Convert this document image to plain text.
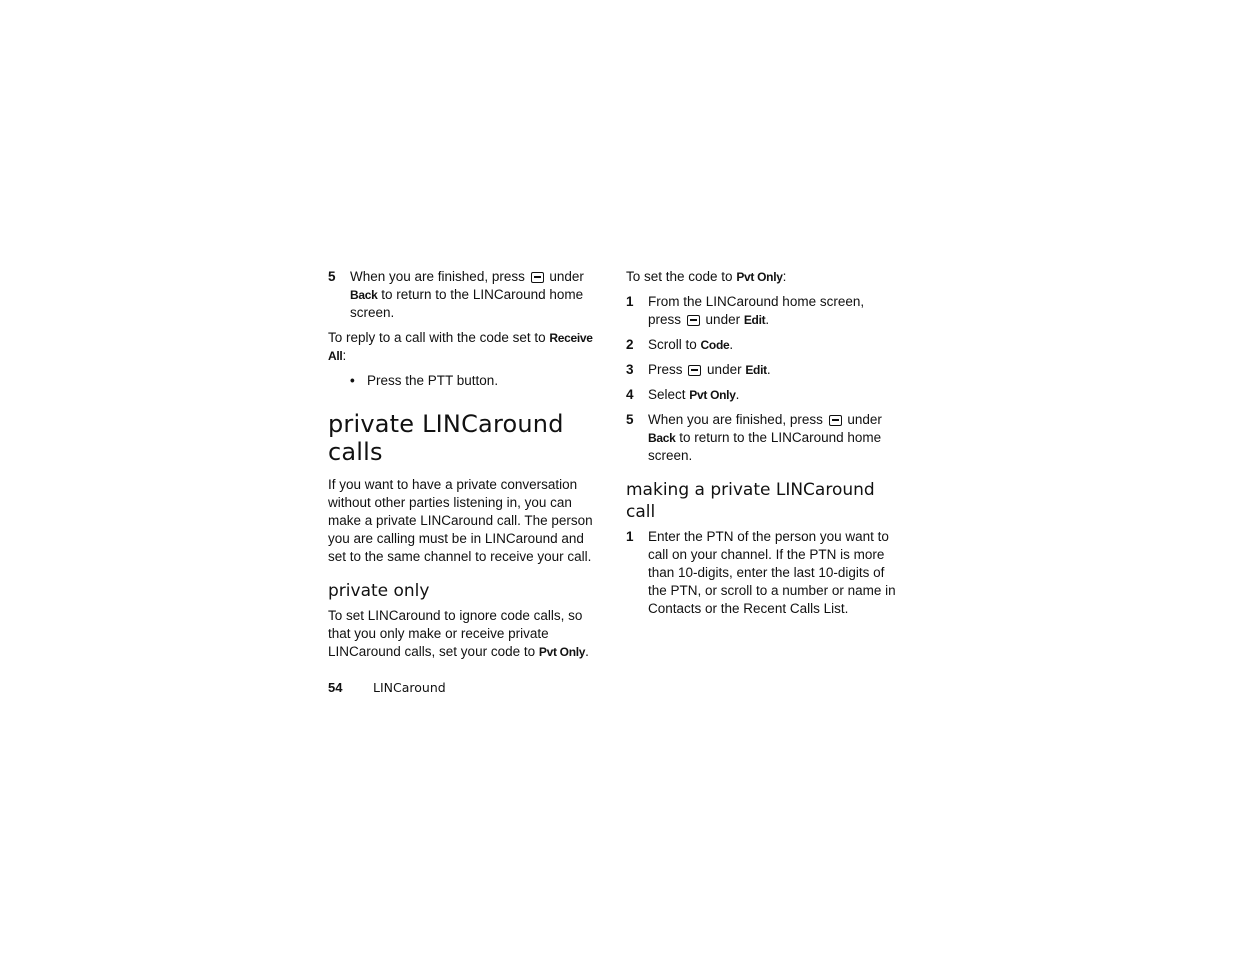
5	When you are finished, press under Back to return to the LINCaround home screen.

To reply to a call with the code set to Receive All:

• Press the PTT button.
private LINCaround calls

If you want to have a private conversation without other parties listening in, you can make a private LINCaround call. The person you are calling must be in LINCaround and set to the same channel to receive your call.

private only

To set LINCaround to ignore code calls, so that you only make or receive private LINCaround calls, set your code to Pvt Only.

To set the code to Pvt Only:

1	From the LINCaround home screen, press under Edit.
2	Scroll to Code.
3	Press under Edit.
4	Select Pvt Only.
5	When you are finished, press under Back to return to the LINCaround home screen.
making a private LINCaround call
1	Enter the PTN of the person you want to call on your channel. If the PTN is more than 10-digits, enter the last 10-digits of the PTN, or scroll to a number or name in Contacts or the Recent Calls List.
54	LINCaround
